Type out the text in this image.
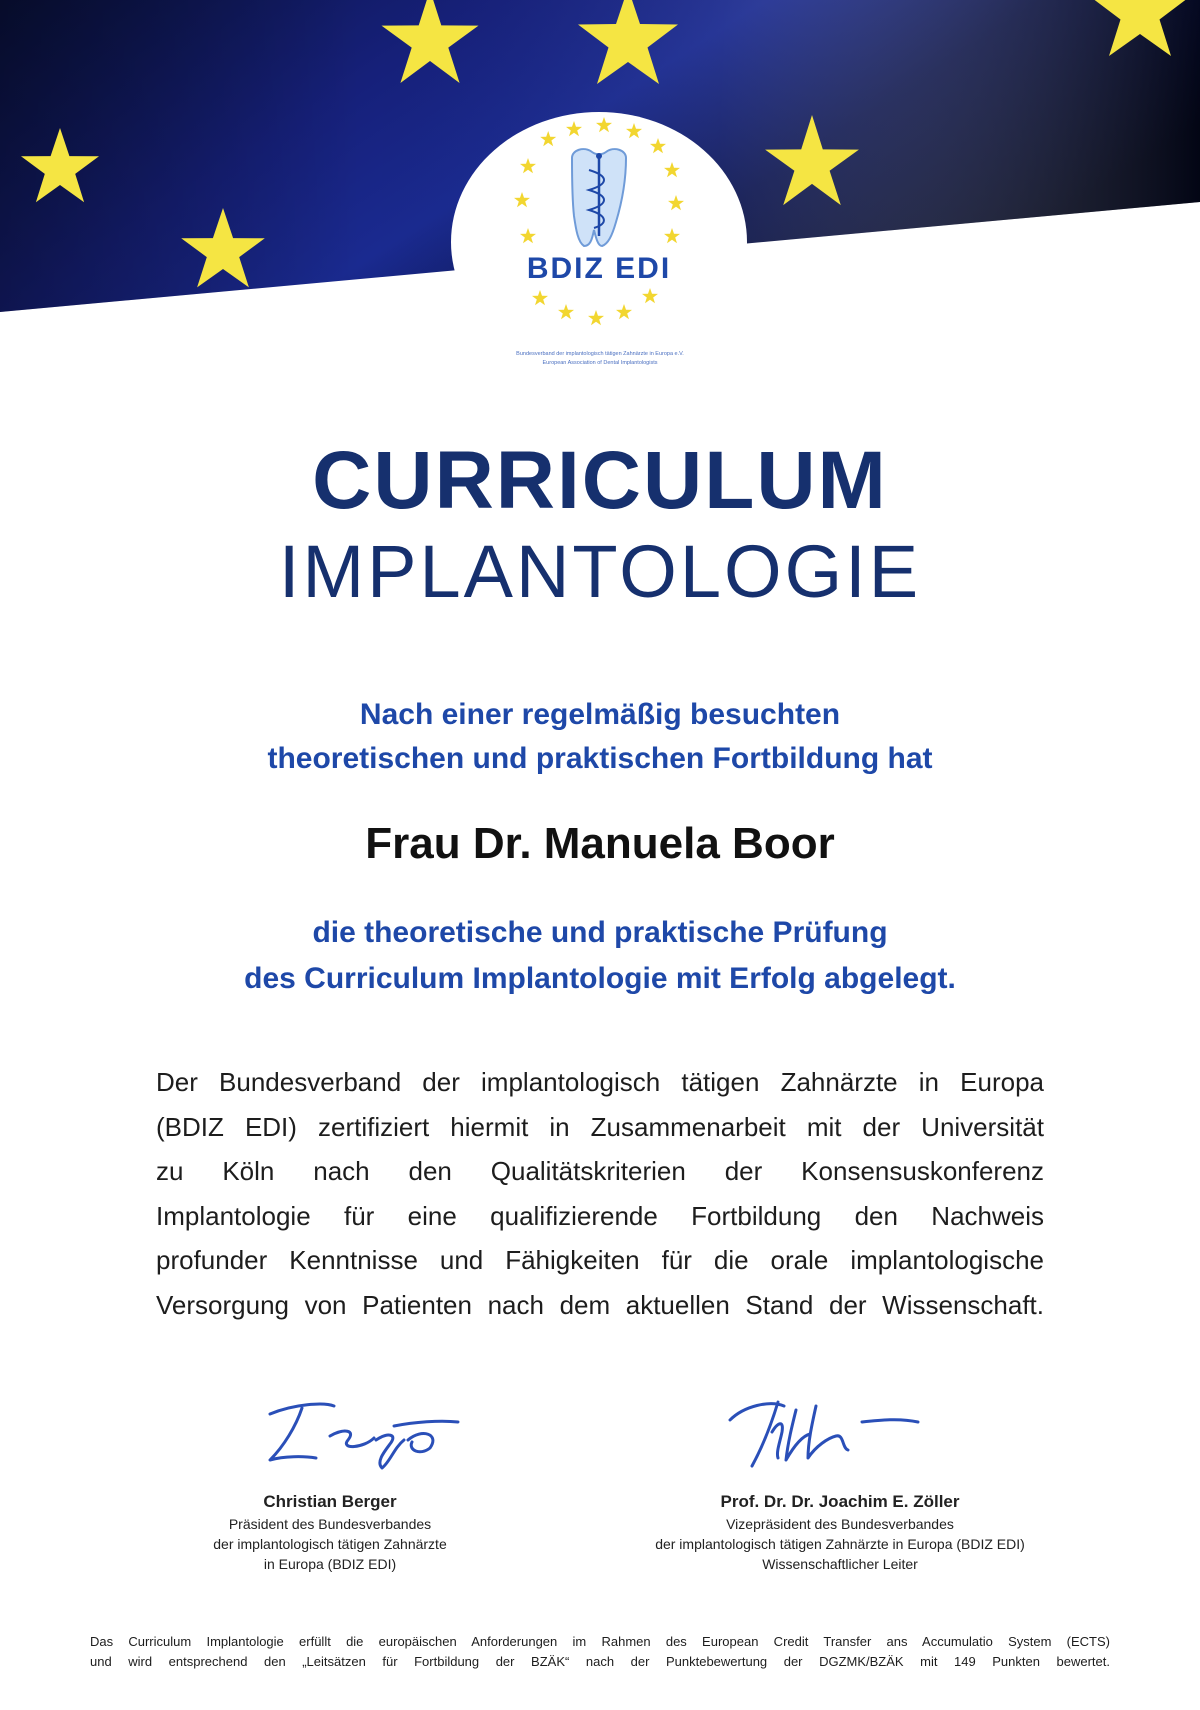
BDIZ EDI
Bundesverband der implantologisch tätigen Zahnärzte in Europa e.V.
European Association of Dental Implantologists
CURRICULUM
IMPLANTOLOGIE
Nach einer regelmäßig besuchten
theoretischen und praktischen Fortbildung hat
Frau Dr. Manuela Boor
die theoretische und praktische Prüfung
des Curriculum Implantologie mit Erfolg abgelegt.
Der Bundesverband der implantologisch tätigen Zahnärzte in Europa
(BDIZ EDI) zertifiziert hiermit in Zusammenarbeit mit der Universität
zu Köln nach den Qualitätskriterien der Konsensuskonferenz
Implantologie für eine qualifizierende Fortbildung den Nachweis
profunder Kenntnisse und Fähigkeiten für die orale implantologische
Versorgung von Patienten nach dem aktuellen Stand der Wissenschaft.
Christian Berger
Präsident des Bundesverbandes
der implantologisch tätigen Zahnärzte
in Europa (BDIZ EDI)
Prof. Dr. Dr. Joachim E. Zöller
Vizepräsident des Bundesverbandes
der implantologisch tätigen Zahnärzte in Europa (BDIZ EDI)
Wissenschaftlicher Leiter
Das Curriculum Implantologie erfüllt die europäischen Anforderungen im Rahmen des European Credit Transfer ans Accumulatio System (ECTS)
und wird entsprechend den „Leitsätzen für Fortbildung der BZÄK“ nach der Punktebewertung der DGZMK/BZÄK mit 149 Punkten bewertet.
